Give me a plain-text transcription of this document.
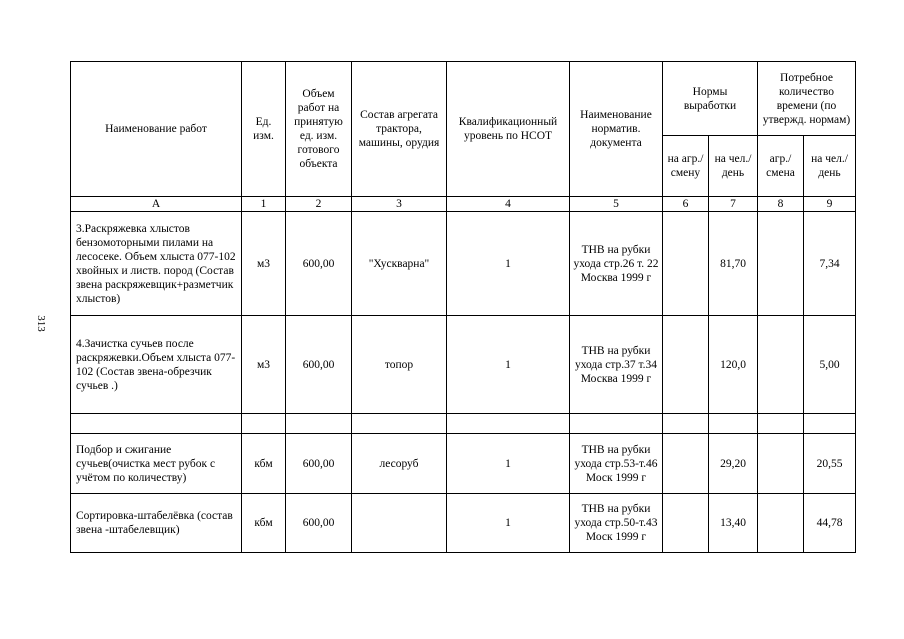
313
Наименование работ	Ед. изм.	Объем работ на принятую ед. изм. готового объекта	Состав агрегата трактора, машины, орудия	Квалификационный уровень по НСОТ	Наименование норматив. документа	Нормы выработки		Потребное количество времени (по утвержд. нормам)	
						на агр./ смену	на чел./ день	агр./ смена	на чел./ день
А	1	2	3	4	5	6	7	8	9
3.Раскряжевка хлыстов бензомоторными пилами на лесосеке. Объем хлыста 077-102 хвойных и листв. пород (Состав звена раскряжевщик+разметчик хлыстов)	м3	600,00	"Хускварна"	1	ТНВ на рубки ухода стр.26 т. 22 Москва 1999 г		81,70		7,34
4.Зачистка сучьев после раскряжевки.Объем хлыста 077-102 (Состав звена-обрезчик сучьев .)	м3	600,00	топор	1	ТНВ на рубки ухода стр.37 т.34 Москва 1999 г		120,0		5,00

Подбор и сжигание сучьев(очистка мест рубок с учётом по количеству)	кбм	600,00	лесоруб	1	ТНВ на рубки ухода стр.53-т.46 Моск 1999 г		29,20		20,55
Сортировка-штабелёвка (состав звена -штабелевщик)	кбм	600,00		1	ТНВ на рубки ухода стр.50-т.43 Моск 1999 г		13,40		44,78
